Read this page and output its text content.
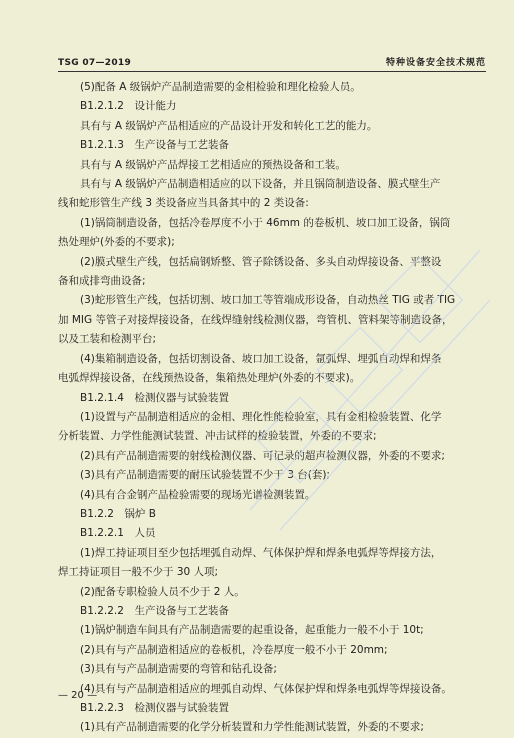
TSG 07—2019	特种设备安全技术规范
(5)配备 A 级锅炉产品制造需要的金相检验和理化检验人员。
B1.2.1.2　设计能力
具有与 A 级锅炉产品相适应的产品设计开发和转化工艺的能力。
B1.2.1.3　生产设备与工艺装备
具有与 A 级锅炉产品焊接工艺相适应的预热设备和工装。
具有与 A 级锅炉产品制造相适应的以下设备，并且锅筒制造设备、膜式壁生产
线和蛇形管生产线 3 类设备应当具备其中的 2 类设备:
(1)锅筒制造设备，包括冷卷厚度不小于 46mm 的卷板机、坡口加工设备，锅筒
热处理炉(外委的不要求);
(2)膜式壁生产线，包括扁钢矫整、管子除锈设备、多头自动焊接设备、平整设
备和成排弯曲设备;
(3)蛇形管生产线，包括切割、坡口加工等管端成形设备，自动热丝 TIG 或者 TIG
加 MIG 等管子对接焊接设备，在线焊缝射线检测仪器，弯管机、管料架等制造设备，
以及工装和检测平台;
(4)集箱制造设备，包括切割设备、坡口加工设备，氩弧焊、埋弧自动焊和焊条
电弧焊焊接设备，在线预热设备，集箱热处理炉(外委的不要求)。
B1.2.1.4　检测仪器与试验装置
(1)设置与产品制造相适应的金相、理化性能检验室，具有金相检验装置、化学
分析装置、力学性能测试装置、冲击试样的检验装置，外委的不要求;
(2)具有产品制造需要的射线检测仪器、可记录的超声检测仪器，外委的不要求;
(3)具有产品制造需要的耐压试验装置不少于 3 台(套);
(4)具有合金钢产品检验需要的现场光谱检测装置。
B1.2.2　锅炉 B
B1.2.2.1　人员
(1)焊工持证项目至少包括埋弧自动焊、气体保护焊和焊条电弧焊等焊接方法，
焊工持证项目一般不少于 30 人项;
(2)配备专职检验人员不少于 2 人。
B1.2.2.2　生产设备与工艺装备
(1)锅炉制造车间具有产品制造需要的起重设备，起重能力一般不小于 10t;
(2)具有与产品制造相适应的卷板机，冷卷厚度一般不小于 20mm;
(3)具有与产品制造需要的弯管和钻孔设备;
(4)具有与产品制造相适应的埋弧自动焊、气体保护焊和焊条电弧焊等焊接设备。
B1.2.2.3　检测仪器与试验装置
(1)具有产品制造需要的化学分析装置和力学性能测试装置，外委的不要求;
— 20 —
